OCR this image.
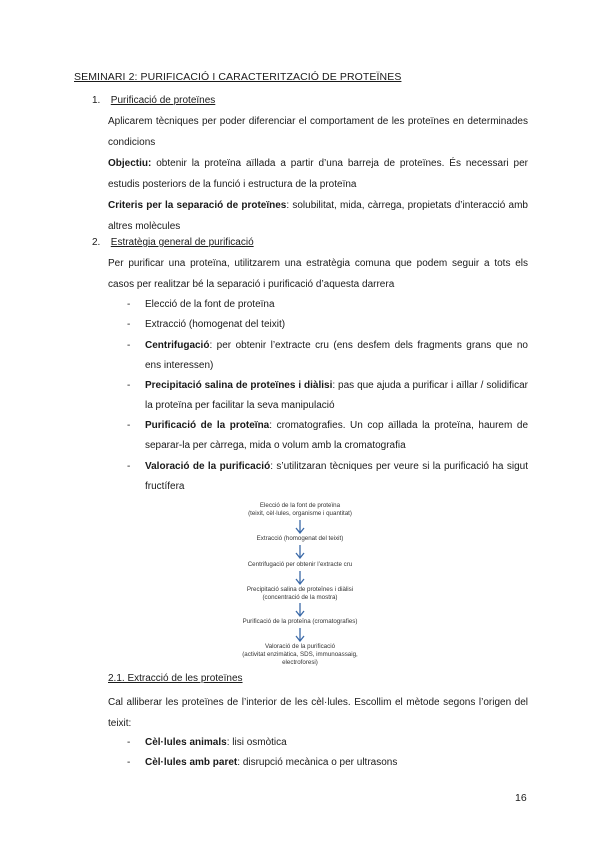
SEMINARI 2: PURIFICACIÓ I CARACTERITZACIÓ DE PROTEÏNES
1. Purificació de proteïnes
Aplicarem tècniques per poder diferenciar el comportament de les proteïnes en determinades condicions
Objectiu: obtenir la proteïna aïllada a partir d’una barreja de proteïnes. És necessari per estudis posteriors de la funció i estructura de la proteïna
Criteris per la separació de proteïnes: solubilitat, mida, càrrega, propietats d’interacció amb altres molècules
2. Estratègia general de purificació
Per purificar una proteïna, utilitzarem una estratègia comuna que podem seguir a tots els casos per realitzar bé la separació i purificació d’aquesta darrera
- Elecció de la font de proteïna
- Extracció (homogenat del teixit)
- Centrifugació: per obtenir l’extracte cru (ens desfem dels fragments grans que no ens interessen)
- Precipitació salina de proteïnes i diàlisi: pas que ajuda a purificar i aïllar / solidificar la proteïna per facilitar la seva manipulació
- Purificació de la proteïna: cromatografies. Un cop aïllada la proteïna, haurem de separar-la per càrrega, mida o volum amb la cromatografia
- Valoració de la purificació: s’utilitzaran tècniques per veure si la purificació ha sigut fructífera
Elecció de la font de proteïna
(teixit, cèl·lules, organisme i quantitat)
Extracció (homogenat del teixit)
Centrifugació per obtenir l’extracte cru
Precipitació salina de proteïnes i diàlisi
(concentració de la mostra)
Purificació de la proteïna (cromatografies)
Valoració de la purificació
(activitat enzimàtica, SDS, immunoassaig, electroforesi)
2.1. Extracció de les proteïnes
Cal alliberar les proteïnes de l’interior de les cèl·lules. Escollim el mètode segons l’origen del teixit:
- Cèl·lules animals: lisi osmòtica
- Cèl·lules amb paret: disrupció mecànica o per ultrasons
16
